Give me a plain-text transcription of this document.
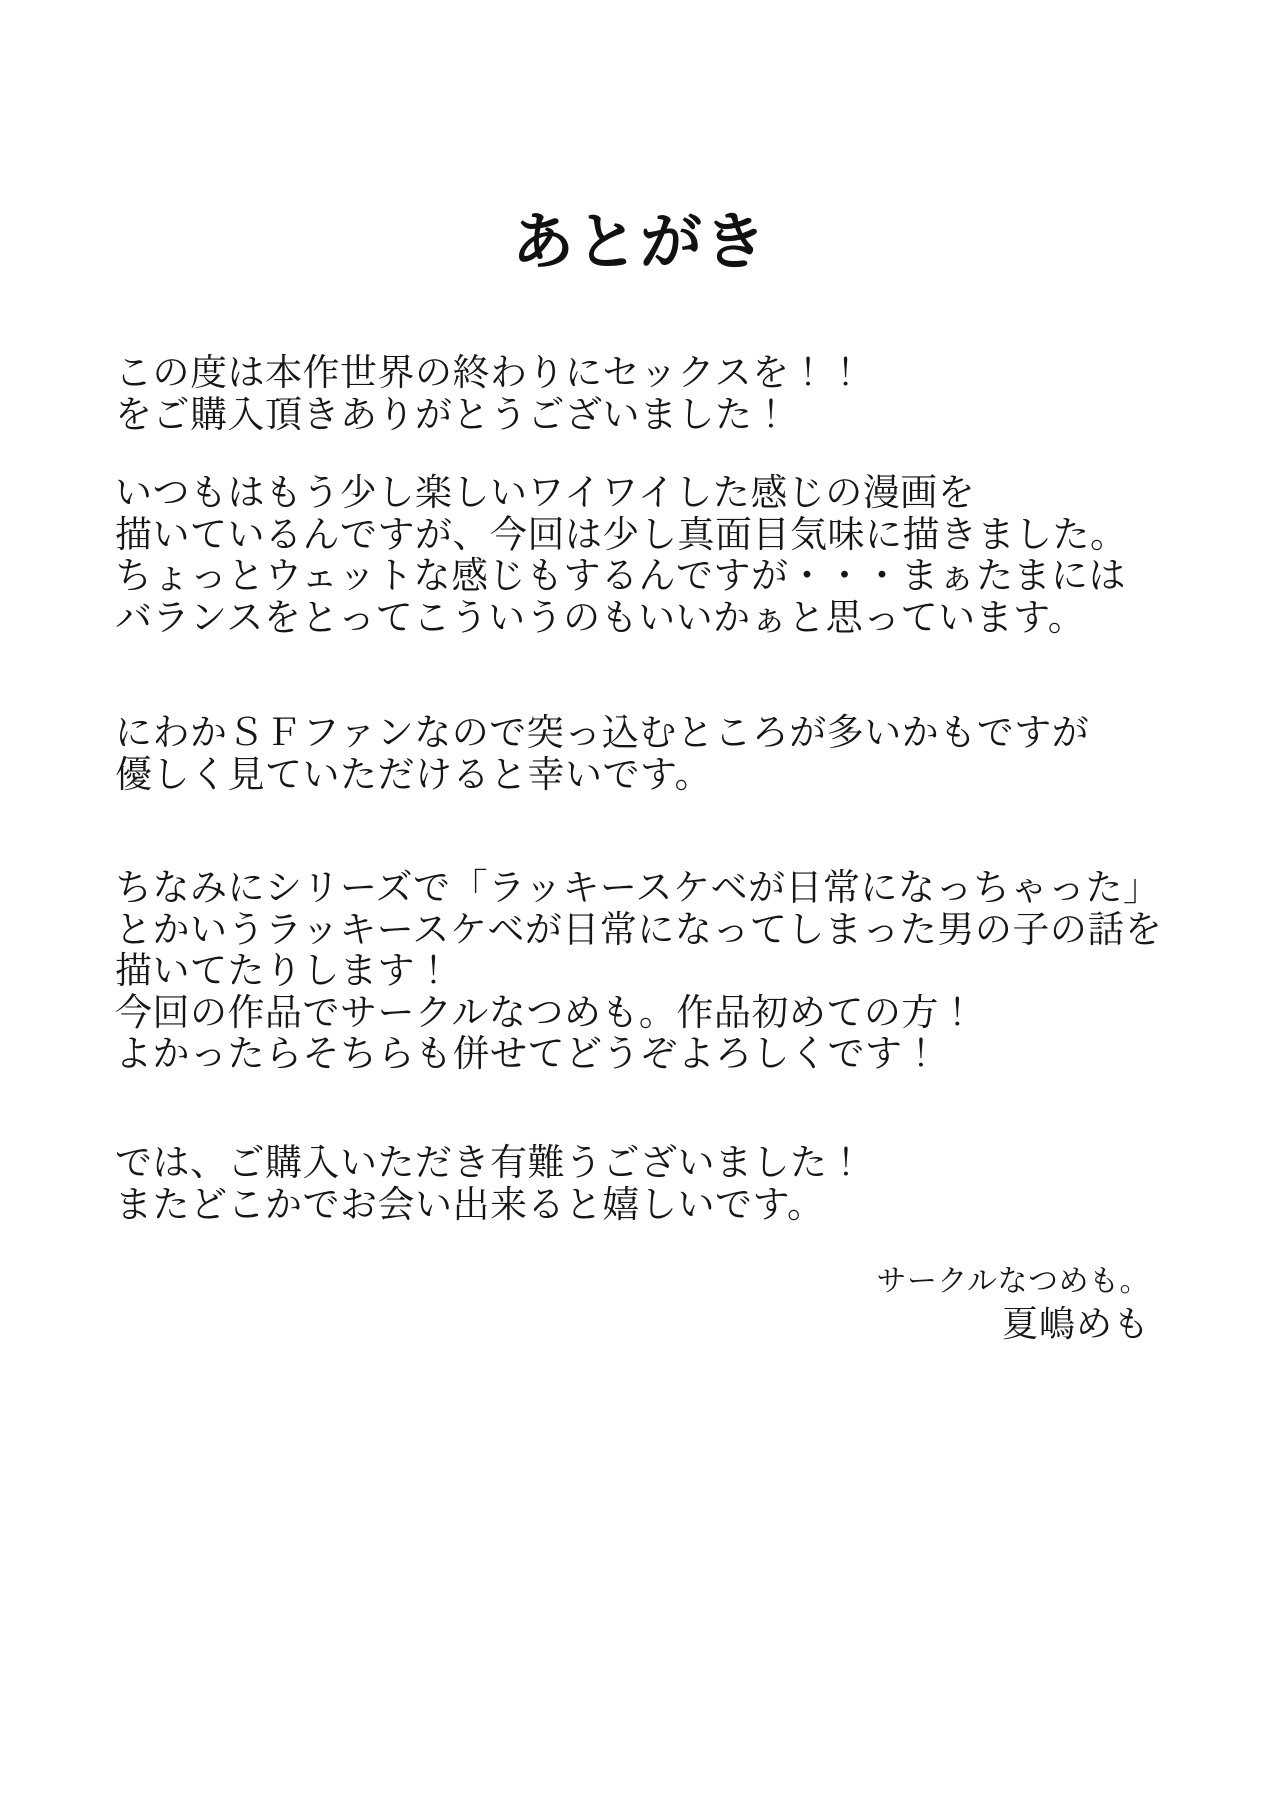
あとがき
この度は本作世界の終わりにセックスを！！
をご購入頂きありがとうございました！
いつもはもう少し楽しいワイワイした感じの漫画を
描いているんですが、今回は少し真面目気味に描きました。
ちょっとウェットな感じもするんですが・・・まぁたまには
バランスをとってこういうのもいいかぁと思っています。
にわかＳＦファンなので突っ込むところが多いかもですが
優しく見ていただけると幸いです。
ちなみにシリーズで「ラッキースケベが日常になっちゃった」
とかいうラッキースケベが日常になってしまった男の子の話を
描いてたりします！
今回の作品でサークルなつめも。作品初めての方！
よかったらそちらも併せてどうぞよろしくです！
では、ご購入いただき有難うございました！
またどこかでお会い出来ると嬉しいです。
サークルなつめも。
夏嶋めも
